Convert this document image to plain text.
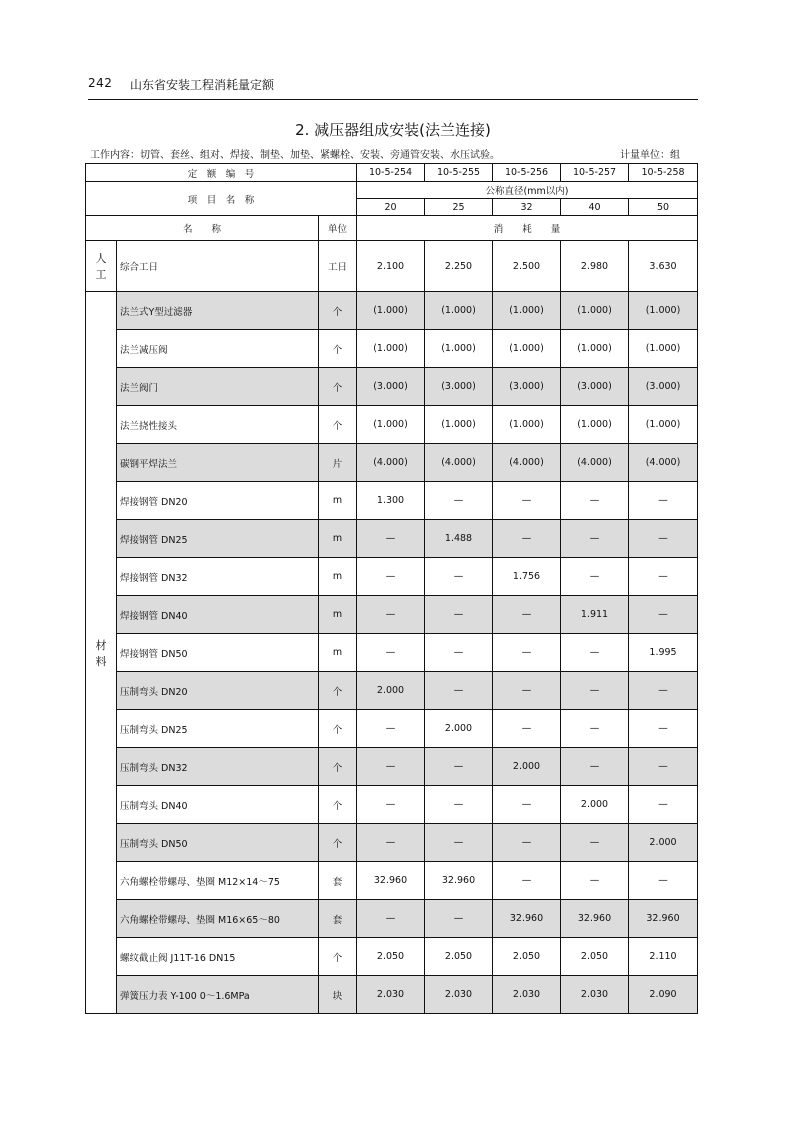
242 山东省安装工程消耗量定额
2. 减压器组成安装(法兰连接)
工作内容：切管、套丝、组对、焊接、制垫、加垫、紧螺栓、安装、旁通管安装、水压试验。	计量单位：组
定　额　编　号			10-5-254	10-5-255	10-5-256	10-5-257	10-5-258
项　目　名　称			公称直径(mm以内)				
			20	25	32	40	50
名　　称		单位	消　　耗　　量				
人
工	综合工日	工日	2.100	2.250	2.500	2.980	3.630

材
料	法兰式Y型过滤器	个	(1.000)	(1.000)	(1.000)	(1.000)	(1.000)
	法兰减压阀	个	(1.000)	(1.000)	(1.000)	(1.000)	(1.000)
	法兰阀门	个	(3.000)	(3.000)	(3.000)	(3.000)	(3.000)
	法兰挠性接头	个	(1.000)	(1.000)	(1.000)	(1.000)	(1.000)
	碳钢平焊法兰	片	(4.000)	(4.000)	(4.000)	(4.000)	(4.000)
	焊接钢管 DN20	m	1.300	—	—	—	—
	焊接钢管 DN25	m	—	1.488	—	—	—
	焊接钢管 DN32	m	—	—	1.756	—	—
	焊接钢管 DN40	m	—	—	—	1.911	—
	焊接钢管 DN50	m	—	—	—	—	1.995
	压制弯头 DN20	个	2.000	—	—	—	—
	压制弯头 DN25	个	—	2.000	—	—	—
	压制弯头 DN32	个	—	—	2.000	—	—
	压制弯头 DN40	个	—	—	—	2.000	—
	压制弯头 DN50	个	—	—	—	—	2.000
	六角螺栓带螺母、垫圈 M12×14～75	套	32.960	32.960	—	—	—
	六角螺栓带螺母、垫圈 M16×65～80	套	—	—	32.960	32.960	32.960
	螺纹截止阀 J11T-16 DN15	个	2.050	2.050	2.050	2.050	2.110
	弹簧压力表 Y-100 0～1.6MPa	块	2.030	2.030	2.030	2.030	2.090
